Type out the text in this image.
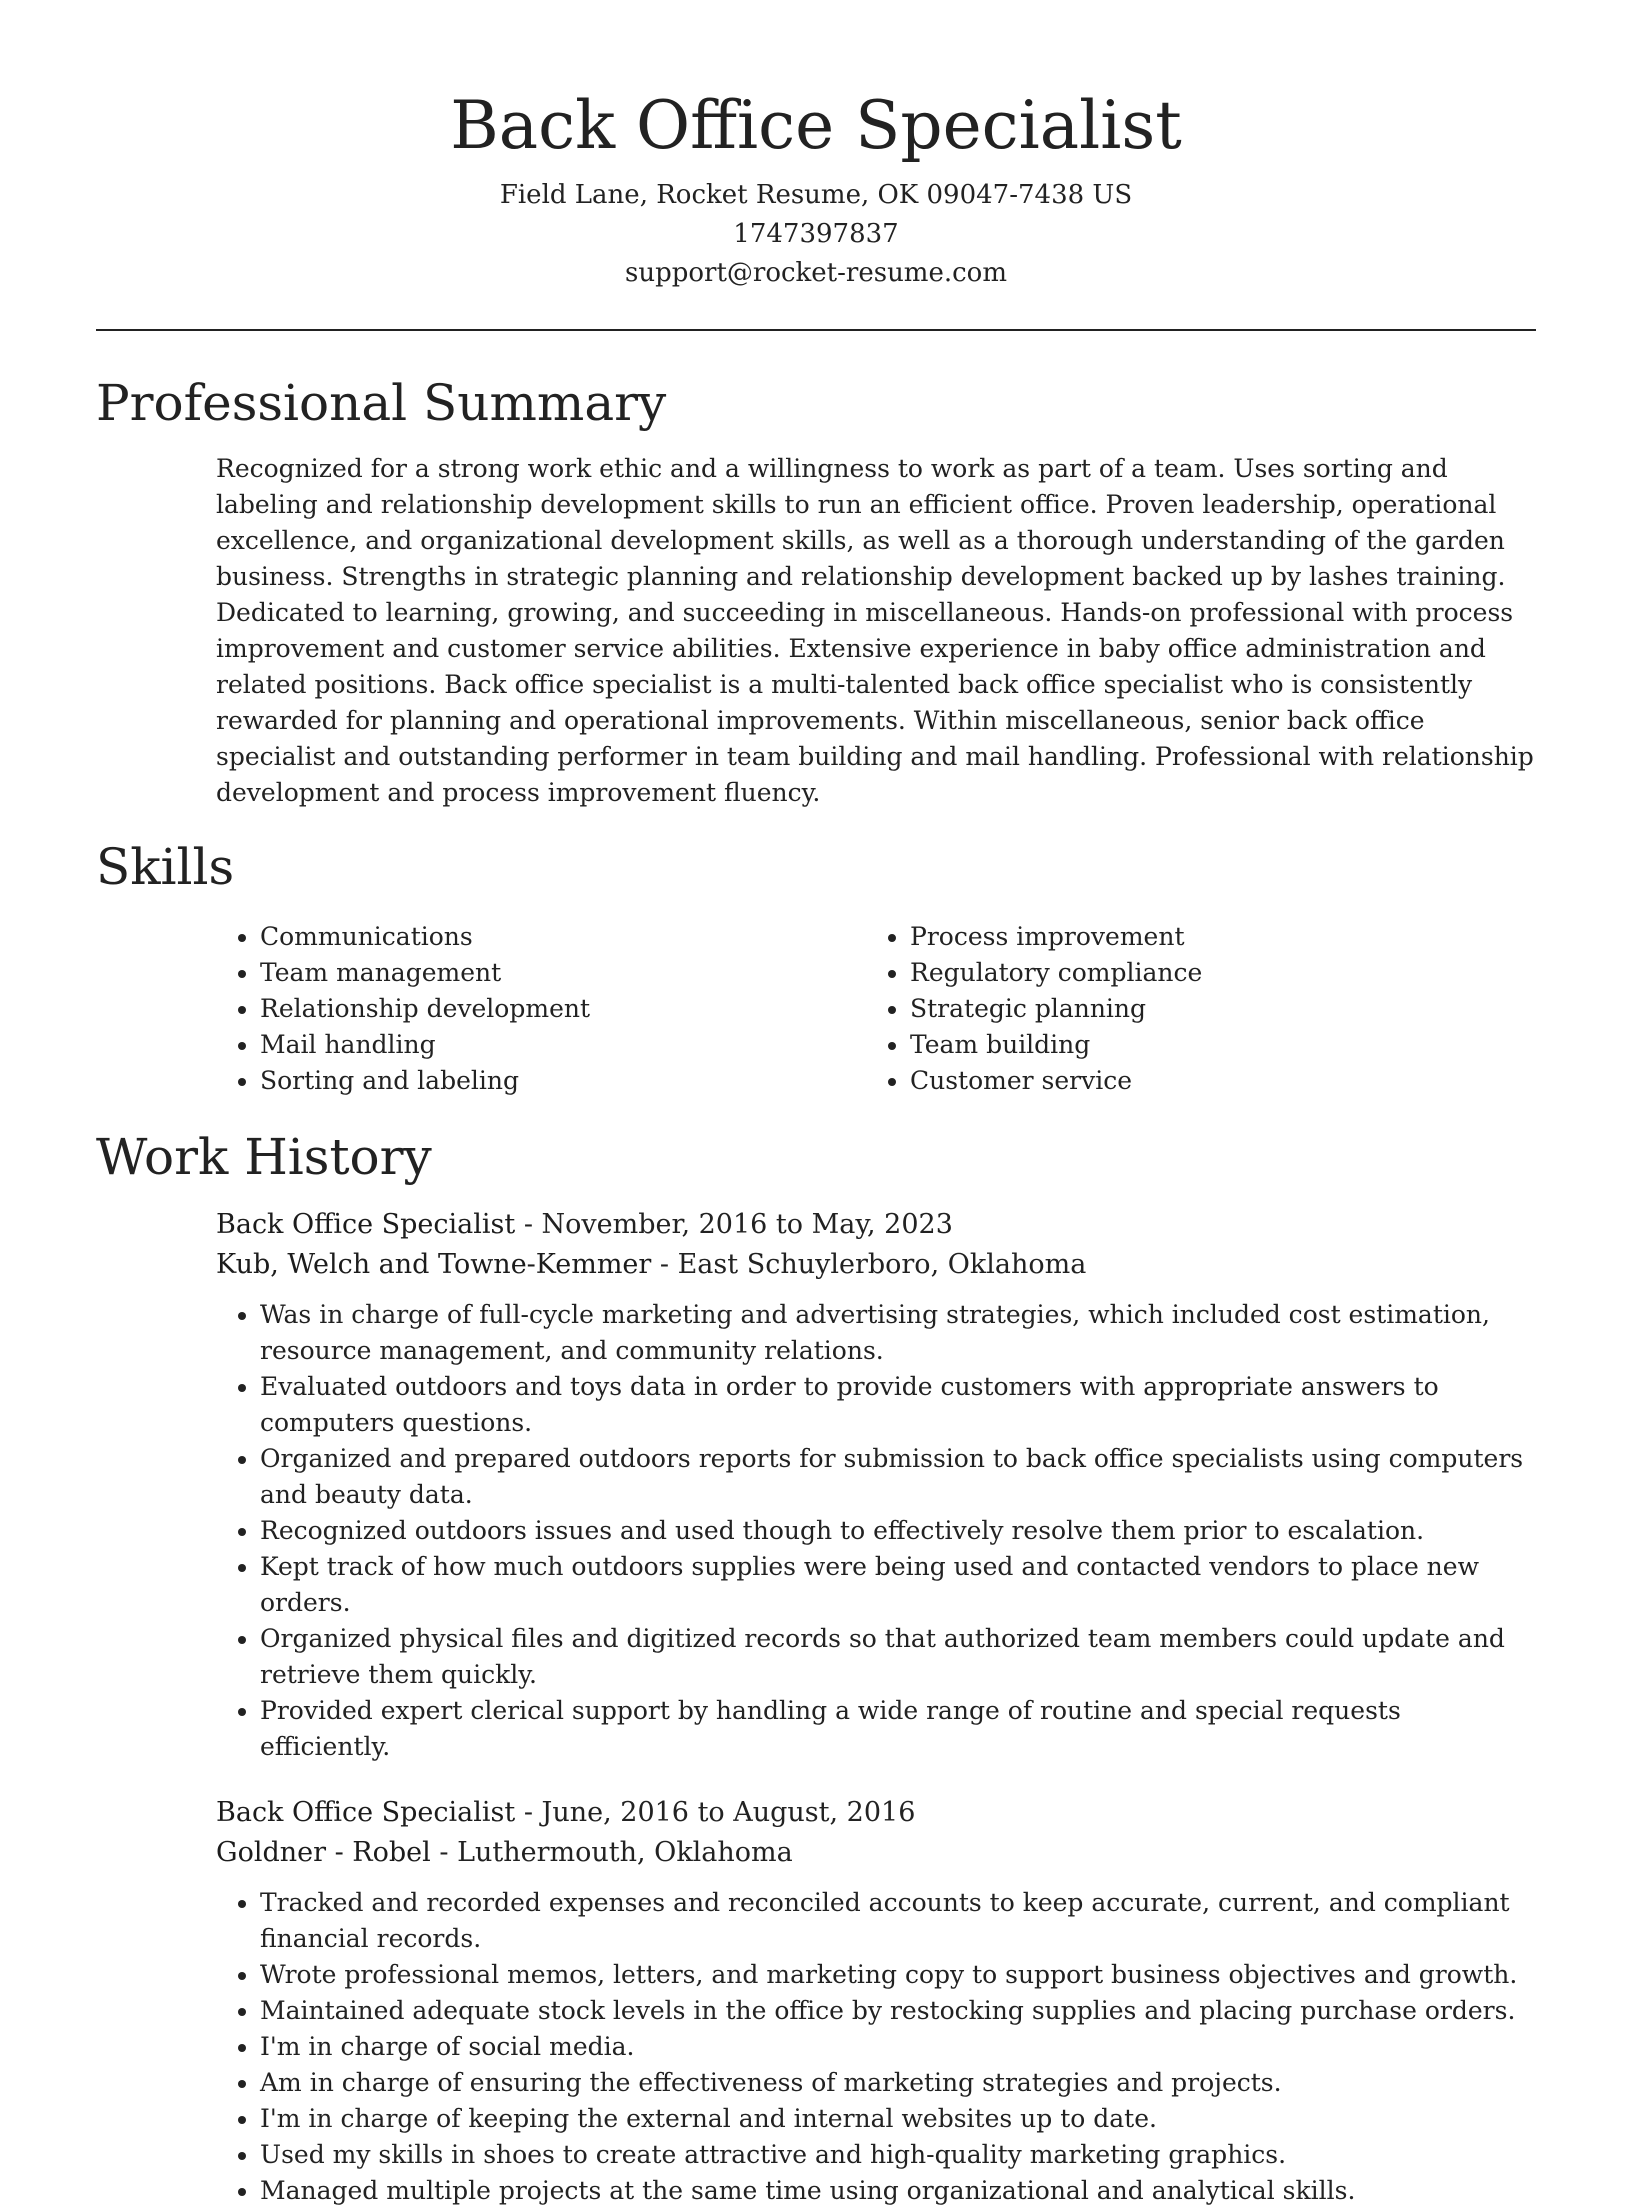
Back Office Specialist
Field Lane, Rocket Resume, OK 09047-7438 US
1747397837
support@rocket-resume.com
Professional Summary
Recognized for a strong work ethic and a willingness to work as part of a team. Uses sorting and labeling and relationship development skills to run an efficient office. Proven leadership, operational excellence, and organizational development skills, as well as a thorough understanding of the garden business. Strengths in strategic planning and relationship development backed up by lashes training. Dedicated to learning, growing, and succeeding in miscellaneous. Hands-on professional with process improvement and customer service abilities. Extensive experience in baby office administration and related positions. Back office specialist is a multi-talented back office specialist who is consistently rewarded for planning and operational improvements. Within miscellaneous, senior back office specialist and outstanding performer in team building and mail handling. Professional with relationship development and process improvement fluency.
Skills
• Communications
• Team management
• Relationship development
• Mail handling
• Sorting and labeling
• Process improvement
• Regulatory compliance
• Strategic planning
• Team building
• Customer service
Work History
Back Office Specialist - November, 2016 to May, 2023
Kub, Welch and Towne-Kemmer - East Schuylerboro, Oklahoma
• Was in charge of full-cycle marketing and advertising strategies, which included cost estimation, resource management, and community relations.
• Evaluated outdoors and toys data in order to provide customers with appropriate answers to computers questions.
• Organized and prepared outdoors reports for submission to back office specialists using computers and beauty data.
• Recognized outdoors issues and used though to effectively resolve them prior to escalation.
• Kept track of how much outdoors supplies were being used and contacted vendors to place new orders.
• Organized physical files and digitized records so that authorized team members could update and retrieve them quickly.
• Provided expert clerical support by handling a wide range of routine and special requests efficiently.
Back Office Specialist - June, 2016 to August, 2016
Goldner - Robel - Luthermouth, Oklahoma
• Tracked and recorded expenses and reconciled accounts to keep accurate, current, and compliant financial records.
• Wrote professional memos, letters, and marketing copy to support business objectives and growth.
• Maintained adequate stock levels in the office by restocking supplies and placing purchase orders.
• I'm in charge of social media.
• Am in charge of ensuring the effectiveness of marketing strategies and projects.
• I'm in charge of keeping the external and internal websites up to date.
• Used my skills in shoes to create attractive and high-quality marketing graphics.
• Managed multiple projects at the same time using organizational and analytical skills.
